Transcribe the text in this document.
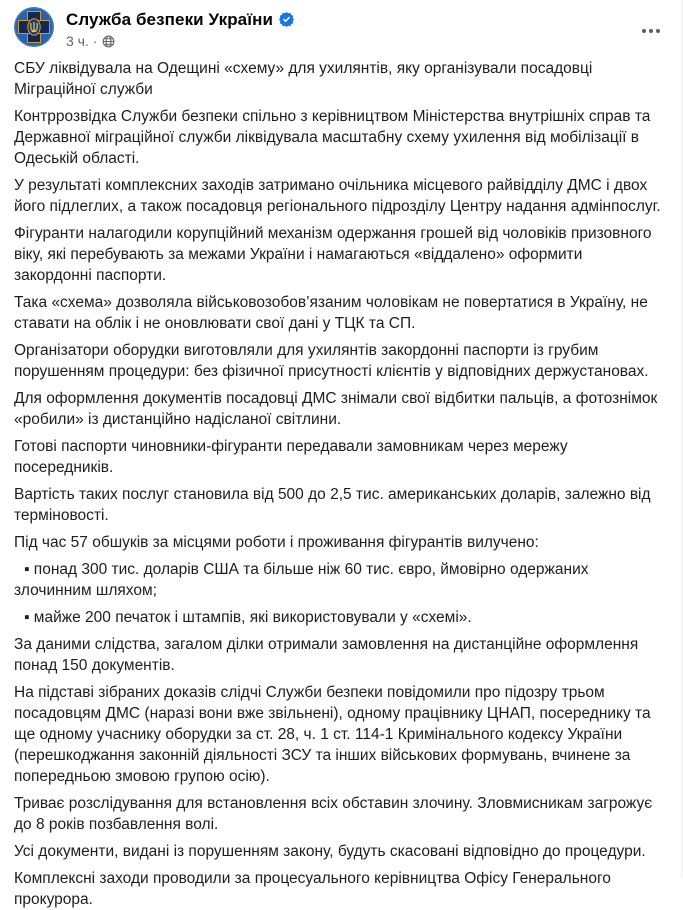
Служба безпеки України
3 ч. ·
СБУ ліквідувала на Одещині «схему» для ухилянтів, яку організували посадовці Міграційної служби
Контррозвідка Служби безпеки спільно з керівництвом Міністерства внутрішніх справ та Державної міграційної служби ліквідувала масштабну схему ухилення від мобілізації в Одеській області.
У результаті комплексних заходів затримано очільника місцевого райвідділу ДМС і двох його підлеглих, а також посадовця регіонального підрозділу Центру надання адмінпослуг.
Фігуранти налагодили корупційний механізм одержання грошей від чоловіків призовного віку, які перебувають за межами України і намагаються «віддалено» оформити закордонні паспорти.
Така «схема» дозволяла військовозобов’язаним чоловікам не повертатися в Україну, не ставати на облік і не оновлювати свої дані у ТЦК та СП.
Організатори оборудки виготовляли для ухилянтів закордонні паспорти із грубим порушенням процедури: без фізичної присутності клієнтів у відповідних держустановах.
Для оформлення документів посадовці ДМС знімали свої відбитки пальців, а фотознімок «робили» із дистанційно надісланої світлини.
Готові паспорти чиновники-фігуранти передавали замовникам через мережу посередників.
Вартість таких послуг становила від 500 до 2,5 тис. американських доларів, залежно від терміновості.
Під час 57 обшуків за місцями роботи і проживання фігурантів вилучено:
▪ понад 300 тис. доларів США та більше ніж 60 тис. євро, ймовірно одержаних злочинним шляхом;
▪ майже 200 печаток і штампів, які використовували у «схемі».
За даними слідства, загалом ділки отримали замовлення на дистанційне оформлення понад 150 документів.
На підставі зібраних доказів слідчі Служби безпеки повідомили про підозру трьом посадовцям ДМС (наразі вони вже звільнені), одному працівнику ЦНАП, посереднику та ще одному учаснику оборудки за ст. 28, ч. 1 ст. 114-1 Кримінального кодексу України (перешкоджання законній діяльності ЗСУ та інших військових формувань, вчинене за попередньою змовою групою осію).
Триває розслідування для встановлення всіх обставин злочину. Зловмисникам загрожує до 8 років позбавлення волі.
Усі документи, видані із порушенням закону, будуть скасовані відповідно до процедури.
Комплексні заходи проводили за процесуального керівництва Офісу Генерального прокурора.
